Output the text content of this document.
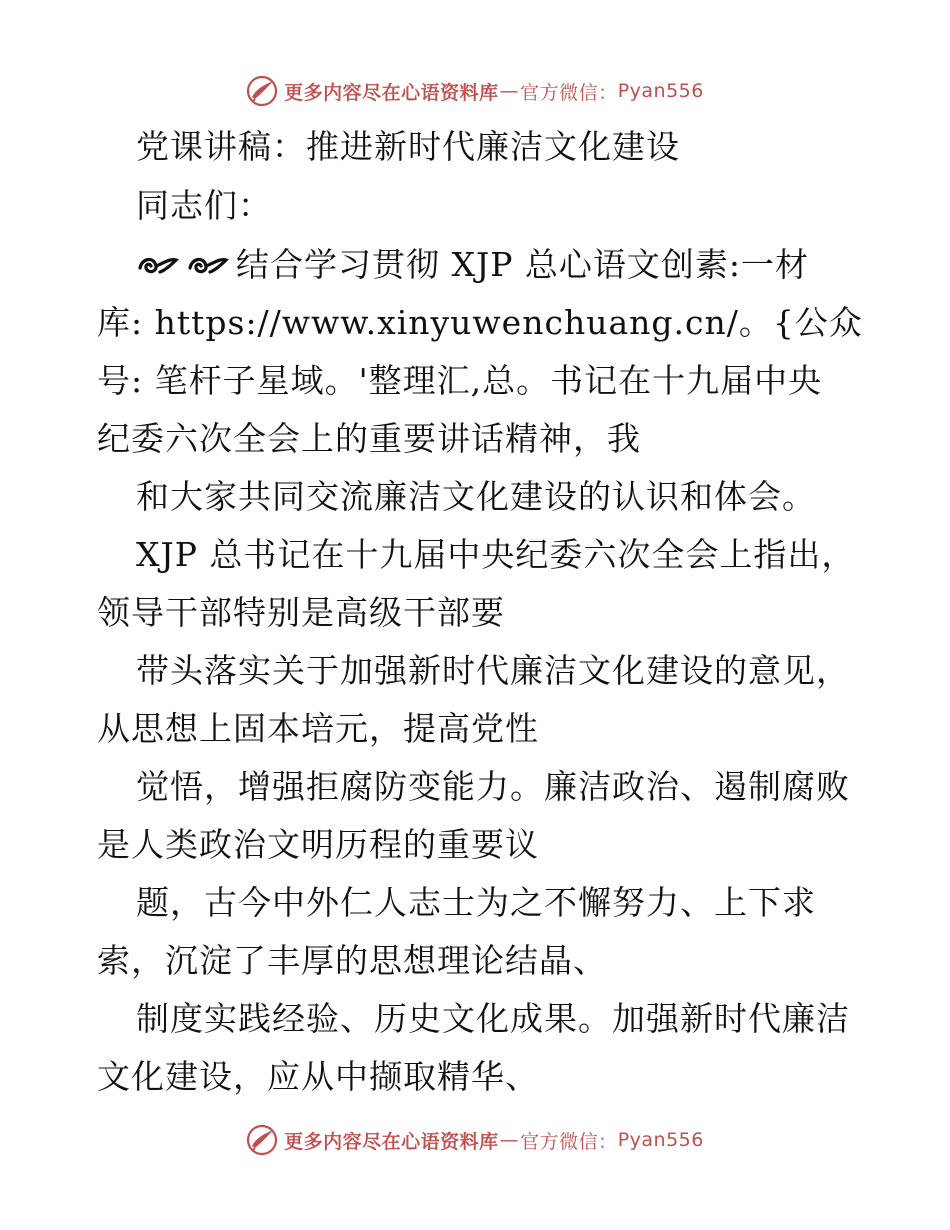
更多内容尽在心语资料库 — 官方微信： Pyan556
党课讲稿：推进新时代廉洁文化建设
同志们：
结合学习贯彻 XJP 总心语文创素:一材
库: https://www.xinyuwenchuang.cn/。{公众
号: 笔杆子星域。'整理汇,总。书记在十九届中央
纪委六次全会上的重要讲话精神，我
和大家共同交流廉洁文化建设的认识和体会。
XJP 总书记在十九届中央纪委六次全会上指出，
领导干部特别是高级干部要
带头落实关于加强新时代廉洁文化建设的意见，
从思想上固本培元，提高党性
觉悟，增强拒腐防变能力。廉洁政治、遏制腐败
是人类政治文明历程的重要议
题，古今中外仁人志士为之不懈努力、上下求
索，沉淀了丰厚的思想理论结晶、
制度实践经验、历史文化成果。加强新时代廉洁
文化建设，应从中撷取精华、
更多内容尽在心语资料库 — 官方微信： Pyan556
